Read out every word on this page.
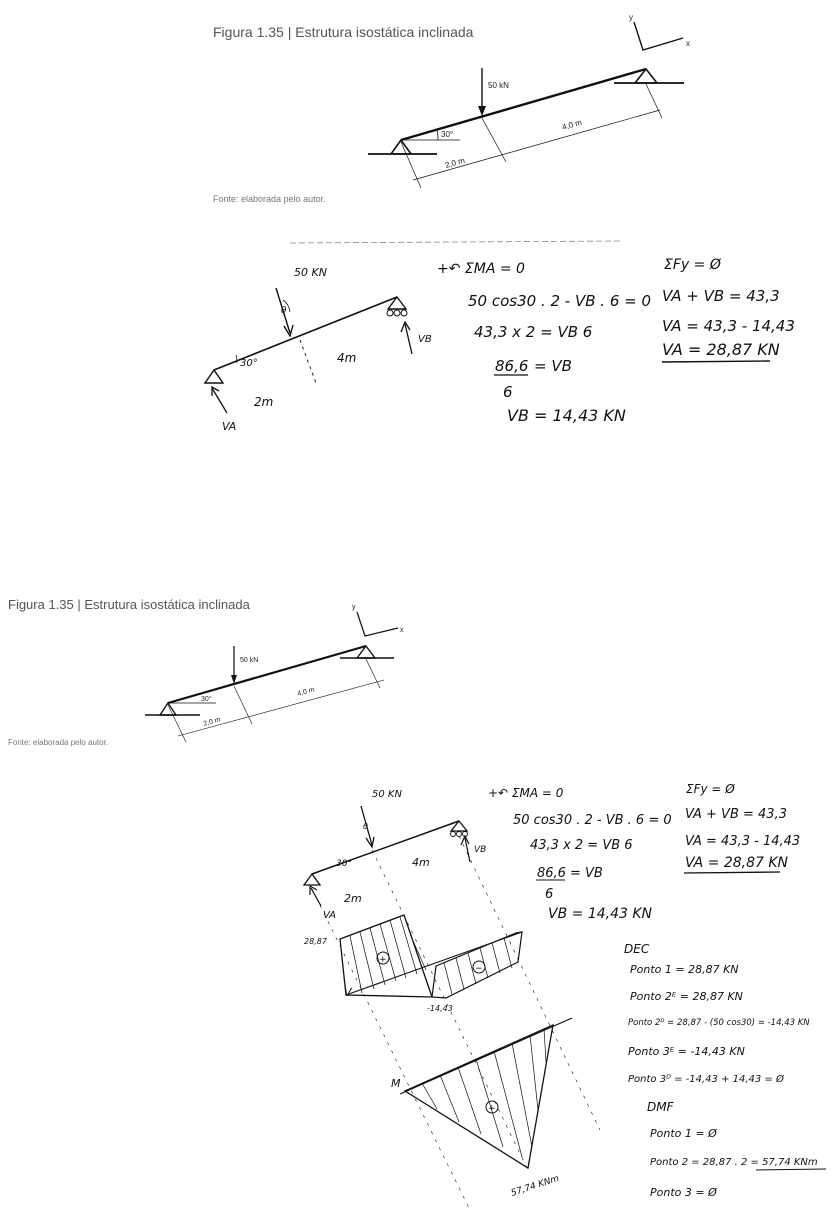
Figura 1.35 | Estrutura isostática inclinada
y
x
50 kN
30°
2,0 m
4,0 m
Fonte: elaborada pelo autor.
50 KN
θ
30°
2m
4m
VA
VB
+↶ ΣMA = 0
50 cos30 . 2 - VB . 6 = 0
43,3 x 2 = VB 6
86,6 = VB
6
VB = 14,43 KN
ΣFy = Ø
VA + VB = 43,3
VA = 43,3 - 14,43
VA = 28,87 KN
Figura 1.35 | Estrutura isostática inclinada	y
x
50 kN
30°
2,0 m
4,0 m
Fonte: elaborada pelo autor.
50 KN
θ
30°
2m
4m
VA
VB
+↶ ΣMA = 0
50 cos30 . 2 - VB . 6 = 0
43,3 x 2 = VB 6
86,6 = VB
6
VB = 14,43 KN
ΣFy = Ø
VA + VB = 43,3
VA = 43,3 - 14,43
VA = 28,87 KN
+
−
28,87
-14,43
V
+
M
57,74 KNm
DEC
Ponto 1 = 28,87 KN
Ponto 2ᴱ = 28,87 KN
Ponto 2ᴰ = 28,87 - (50 cos30) = -14,43 KN
Ponto 3ᴱ = -14,43 KN
Ponto 3ᴰ = -14,43 + 14,43 = Ø
DMF
Ponto 1 = Ø
Ponto 2 = 28,87 . 2 = 57,74 KNm
Ponto 3 = Ø
